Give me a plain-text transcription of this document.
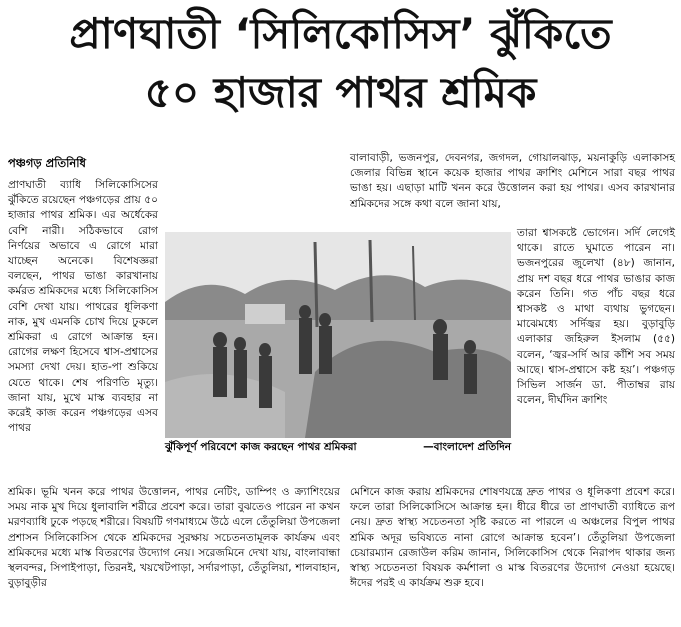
প্রাণঘাতী ‘সিলিকোসিস’ ঝুঁকিতে
৫০ হাজার পাথর শ্রমিক
পঞ্চগড় প্রতিনিধি

প্রাণঘাতী ব্যাধি সিলিকোসিসের ঝুঁকিতে রয়েছেন পঞ্চগড়ের প্রায় ৫০ হাজার পাথর শ্রমিক। এর অর্ধেকের বেশি নারী। সঠিকভাবে রোগ নির্ণয়ের অভাবে এ রোগে মারা যাচ্ছেন অনেকে। বিশেষজ্ঞরা বলছেন, পাথর ভাঙা কারখানায় কর্মরত শ্রমিকদের মধ্যে সিলিকোসিস বেশি দেখা যায়। পাথরের ধূলিকণা নাক, মুখ এমনকি চোখ দিয়ে ঢুকলে শ্রমিকরা এ রোগে আক্রান্ত হন। রোগের লক্ষণ হিসেবে শ্বাস-প্রশ্বাসের সমস্যা দেখা দেয়। হাত-পা শুকিয়ে যেতে থাকে। শেষ পরিণতি মৃত্যু। জানা যায়, মুখে মাস্ক ব্যবহার না করেই কাজ করেন পঞ্চগড়ের এসব পাথর

বালাবাড়ী, ভজনপুর, দেবনগর, জগদল, গোয়ালঝাড়, ময়নাকুড়ি এলাকাসহ জেলার বিভিন্ন স্থানে কয়েক হাজার পাথর ক্রাশিং মেশিনে সারা বছর পাথর ভাঙা হয়। এছাড়া মাটি খনন করে উত্তোলন করা হয় পাথর। এসব কারখানার শ্রমিকদের সঙ্গে কথা বলে জানা যায়,

তারা শ্বাসকষ্টে ভোগেন। সর্দি লেগেই থাকে। রাতে ঘুমাতে পারেন না। ভজনপুরের জুলেখা (৪৮) জানান, প্রায় দশ বছর ধরে পাথর ভাঙার কাজ করেন তিনি। গত পাঁচ বছর ধরে শ্বাসকষ্ট ও মাথা ব্যথায় ভুগছেন। মাঝেমধ্যে সর্দিজ্বর হয়। বুড়াবুড়ি এলাকার জহিরুল ইসলাম (৫৫) বলেন, ‘জ্বর-সর্দি আর কাঁশি সব সময় আছে। শ্বাস-প্রশ্বাসে কষ্ট হয়’। পঞ্চগড় সিভিল সার্জন ডা. পীতাম্বর রায় বলেন, দীর্ঘদিন ক্রাশিং

ঝুঁকিপূর্ণ পরিবেশে কাজ করছেন পাথর শ্রমিকরা	—বাংলাদেশ প্রতিদিন

শ্রমিক। ভূমি খনন করে পাথর উত্তোলন, পাথর নেটিং, ডাম্পিং ও ক্র্যাশিংয়ের সময় নাক মুখ দিয়ে ধুলাবালি শরীরে প্রবেশ করে। তারা বুঝতেও পারেন না কখন মরণব্যাধি ঢুকে পড়ছে শরীরে। বিষয়টি গণমাধ্যমে উঠে এলে তেঁতুলিয়া উপজেলা প্রশাসন সিলিকোসিস থেকে শ্রমিকদের সুরক্ষায় সচেতনতামূলক কার্যক্রম এবং শ্রমিকদের মধ্যে মাস্ক বিতরণের উদ্যোগ নেয়। সরেজমিনে দেখা যায়, বাংলাবান্ধা স্থলবন্দর, সিপাইপাড়া, তিরনই, খয়খেটপাড়া, সর্দারপাড়া, তেঁতুলিয়া, শালবাহান, বুড়াবুড়ীর

মেশিনে কাজ করায় শ্রমিকদের শোষণযন্ত্রে দ্রুত পাথর ও ধূলিকণা প্রবেশ করে। ফলে তারা সিলিকোসিসে আক্রান্ত হন। ধীরে ধীরে তা প্রাণঘাতী ব্যাধিতে রূপ নেয়। দ্রুত স্বাস্থ্য সচেতনতা সৃষ্টি করতে না পারলে এ অঞ্চলের বিপুল পাথর শ্রমিক অদূর ভবিষ্যতে নানা রোগে আক্রান্ত হবেন’। তেঁতুলিয়া উপজেলা চেয়ারম্যান রেজাউল করিম জানান, সিলিকোসিস থেকে নিরাপদ থাকার জন্য স্বাস্থ্য সচেতনতা বিষয়ক কর্মশালা ও মাস্ক বিতরণের উদ্যোগ নেওয়া হয়েছে। ঈদের পরই এ কার্যক্রম শুরু হবে।
